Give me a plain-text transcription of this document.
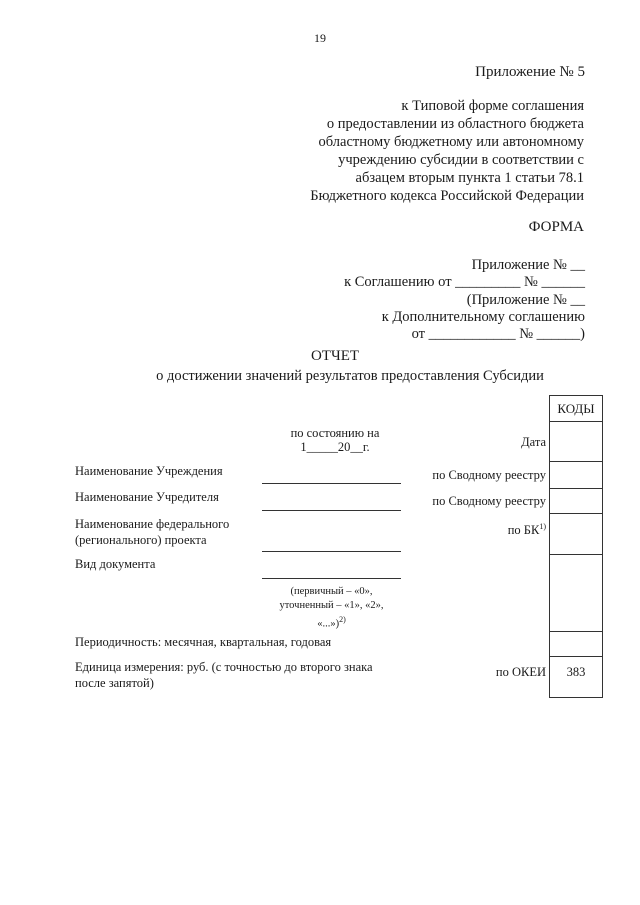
19
Приложение № 5
к Типовой форме соглашения
о предоставлении из областного бюджета
областному бюджетному или автономному
учреждению субсидии в соответствии с
абзацем вторым пункта 1 статьи 78.1
Бюджетного кодекса Российской Федерации
ФОРМА
Приложение № __
к Соглашению от _________ № ______
(Приложение № __
к Дополнительному соглашению
от ____________ № ______)
ОТЧЕТ
о достижении значений результатов предоставления Субсидии
по состоянию на
1_____20__г.
КОДЫ
383
Дата
по Сводному реестру
по Сводному реестру
по БК$^{1)}$
по ОКЕИ
Наименование Учреждения
Наименование Учредителя
Наименование федерального
(регионального) проекта
Вид документа
(первичный – «0»,
уточненный – «1», «2»,
«...»)$^{2)}$
Периодичность: месячная, квартальная, годовая
Единица измерения: руб. (с точностью до второго знака
после запятой)
